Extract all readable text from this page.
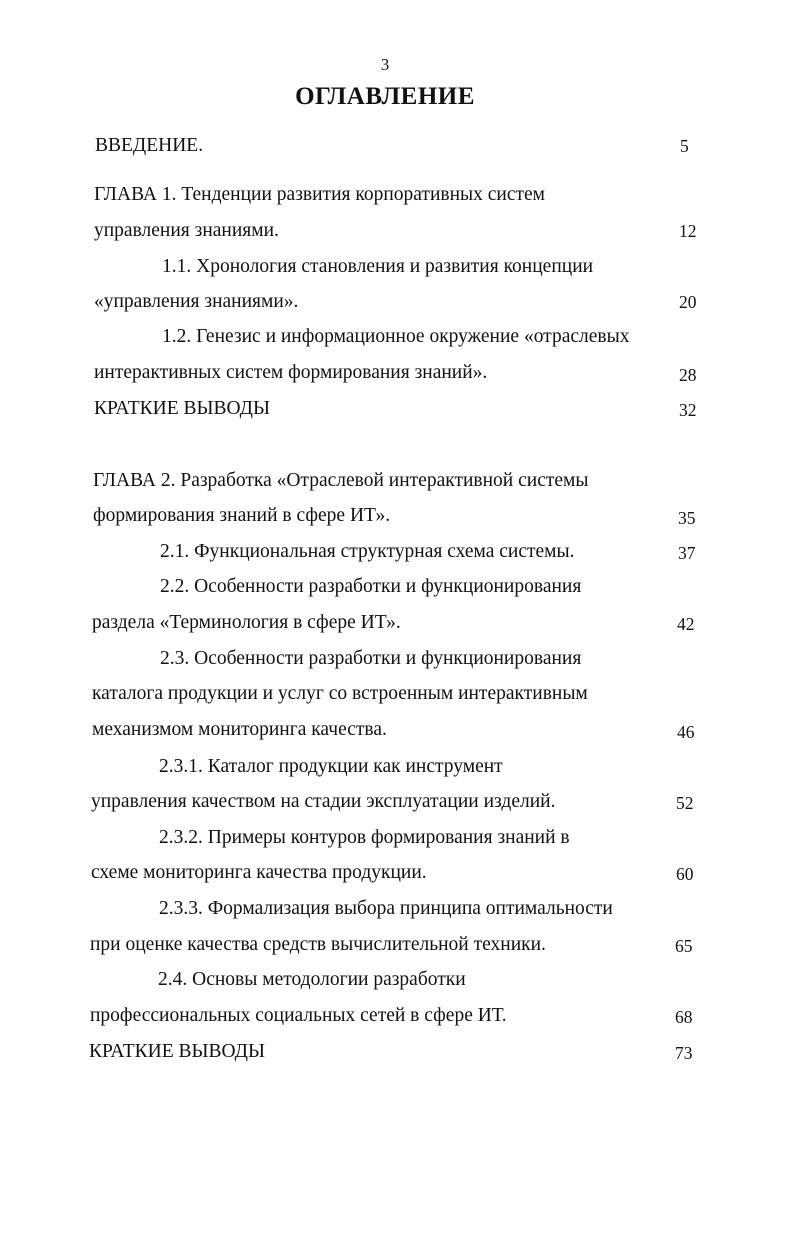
3
ОГЛАВЛЕНИЕ
ВВЕДЕНИЕ.	5
ГЛАВА 1. Тенденции развития корпоративных систем
управления знаниями.	12
1.1. Хронология становления и развития концепции
«управления знаниями».	20
1.2. Генезис и информационное окружение «отраслевых
интерактивных систем формирования знаний».	28
КРАТКИЕ ВЫВОДЫ	32
ГЛАВА 2. Разработка «Отраслевой интерактивной системы
формирования знаний в сфере ИТ».	35
2.1. Функциональная структурная схема системы.	37
2.2. Особенности разработки и функционирования
раздела «Терминология в сфере ИТ».	42
2.3. Особенности разработки и функционирования
каталога продукции и услуг со встроенным интерактивным
механизмом мониторинга качества.	46
2.3.1. Каталог продукции как инструмент
управления качеством на стадии эксплуатации изделий.	52
2.3.2. Примеры контуров формирования знаний в
схеме мониторинга качества продукции.	60
2.3.3. Формализация выбора принципа оптимальности
при оценке качества средств вычислительной техники.	65
2.4. Основы методологии разработки
профессиональных социальных сетей в сфере ИТ.	68
КРАТКИЕ ВЫВОДЫ	73
